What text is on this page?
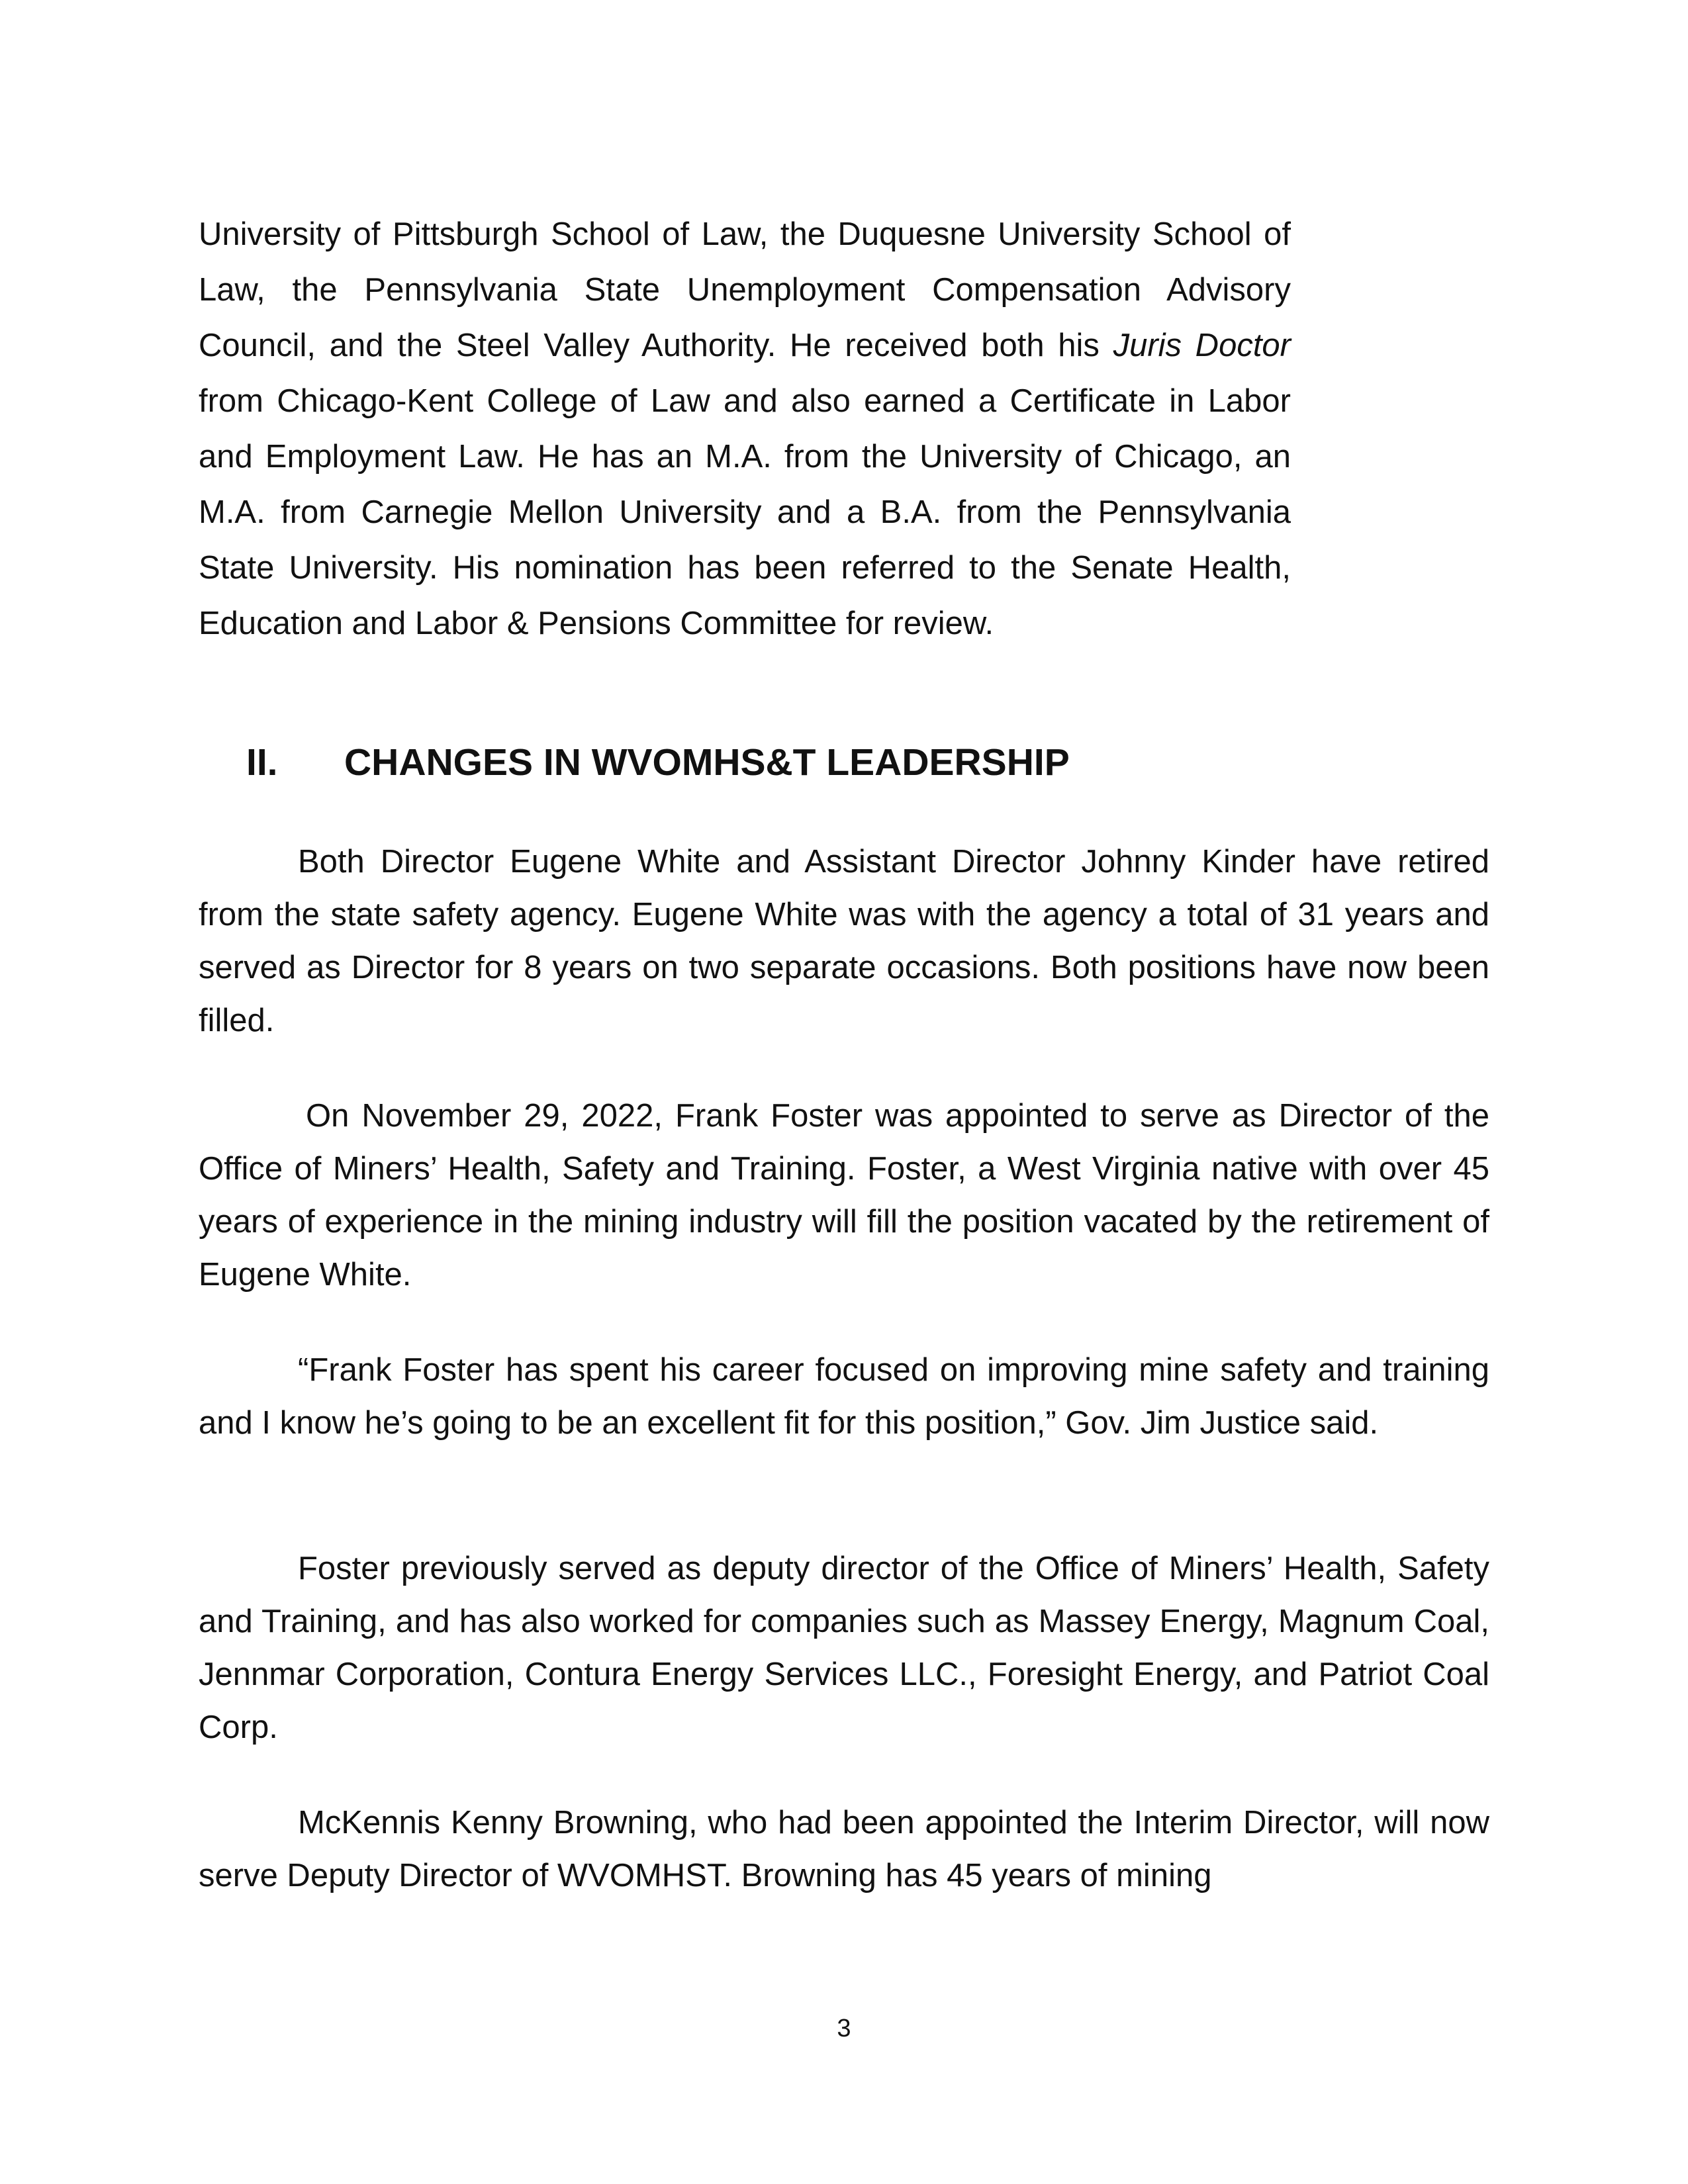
University of Pittsburgh School of Law, the Duquesne University School of Law, the Pennsylvania State Unemployment Compensation Advisory Council, and the Steel Valley Authority. He received both his Juris Doctor from Chicago-Kent College of Law and also earned a Certificate in Labor and Employment Law. He has an M.A. from the University of Chicago, an M.A. from Carnegie Mellon University and a B.A. from the Pennsylvania State University. His nomination has been referred to the Senate Health, Education and Labor & Pensions Committee for review.

II. CHANGES IN WVOMHS&T LEADERSHIP

Both Director Eugene White and Assistant Director Johnny Kinder have retired from the state safety agency. Eugene White was with the agency a total of 31 years and served as Director for 8 years on two separate occasions. Both positions have now been filled.

On November 29, 2022, Frank Foster was appointed to serve as Director of the Office of Miners’ Health, Safety and Training. Foster, a West Virginia native with over 45 years of experience in the mining industry will fill the position vacated by the retirement of Eugene White.

“Frank Foster has spent his career focused on improving mine safety and training and I know he’s going to be an excellent fit for this position,” Gov. Jim Justice said.

Foster previously served as deputy director of the Office of Miners’ Health, Safety and Training, and has also worked for companies such as Massey Energy, Magnum Coal, Jennmar Corporation, Contura Energy Services LLC., Foresight Energy, and Patriot Coal Corp.

McKennis Kenny Browning, who had been appointed the Interim Director, will now serve Deputy Director of WVOMHST. Browning has 45 years of mining

3
